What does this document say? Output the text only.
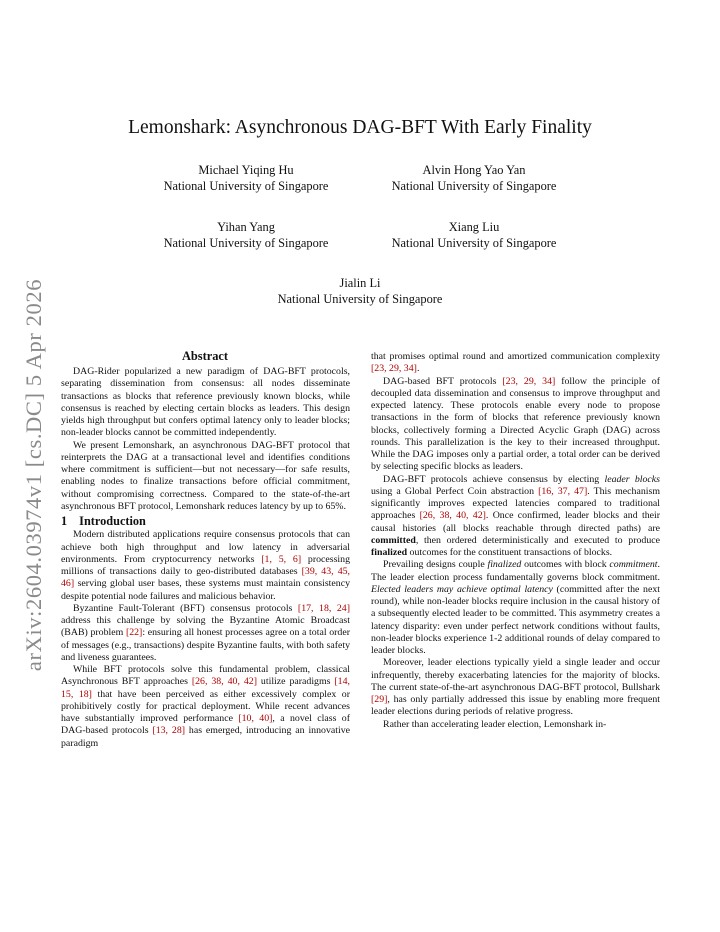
arXiv:2604.03974v1 [cs.DC] 5 Apr 2026
Lemonshark: Asynchronous DAG-BFT With Early Finality
Michael Yiqing Hu
National University of Singapore
Alvin Hong Yao Yan
National University of Singapore
Yihan Yang
National University of Singapore
Xiang Liu
National University of Singapore
Jialin Li
National University of Singapore
Abstract

DAG-Rider popularized a new paradigm of DAG-BFT protocols, separating dissemination from consensus: all nodes disseminate transactions as blocks that reference previously known blocks, while consensus is reached by electing certain blocks as leaders. This design yields high throughput but confers optimal latency only to leader blocks; non-leader blocks cannot be committed independently.

We present Lemonshark, an asynchronous DAG-BFT protocol that reinterprets the DAG at a transactional level and identifies conditions where commitment is sufficient—but not necessary—for safe results, enabling nodes to finalize transactions before official commitment, without compromising correctness. Compared to the state-of-the-art asynchronous BFT protocol, Lemonshark reduces latency by up to 65%.

1 Introduction

Modern distributed applications require consensus protocols that can achieve both high throughput and low latency in adversarial environments. From cryptocurrency networks [1, 5, 6] processing millions of transactions daily to geo-distributed databases [39, 43, 45, 46] serving global user bases, these systems must maintain consistency despite potential node failures and malicious behavior.

Byzantine Fault-Tolerant (BFT) consensus protocols [17, 18, 24] address this challenge by solving the Byzantine Atomic Broadcast (BAB) problem [22]: ensuring all honest processes agree on a total order of messages (e.g., transactions) despite Byzantine faults, with both safety and liveness guarantees.

While BFT protocols solve this fundamental problem, classical Asynchronous BFT approaches [26, 38, 40, 42] utilize paradigms [14, 15, 18] that have been perceived as either excessively complex or prohibitively costly for practical deployment. While recent advances have substantially improved performance [10, 40], a novel class of DAG-based protocols [13, 28] has emerged, introducing an innovative paradigm

that promises optimal round and amortized communication complexity [23, 29, 34].

DAG-based BFT protocols [23, 29, 34] follow the principle of decoupled data dissemination and consensus to improve throughput and expected latency. These protocols enable every node to propose transactions in the form of blocks that reference previously known blocks, collectively forming a Directed Acyclic Graph (DAG) across rounds. This parallelization is the key to their increased throughput. While the DAG imposes only a partial order, a total order can be derived by selecting specific blocks as leaders.

DAG-BFT protocols achieve consensus by electing leader blocks using a Global Perfect Coin abstraction [16, 37, 47]. This mechanism significantly improves expected latencies compared to traditional approaches [26, 38, 40, 42]. Once confirmed, leader blocks and their causal histories (all blocks reachable through directed paths) are committed, then ordered deterministically and executed to produce finalized outcomes for the constituent transactions of blocks.

Prevailing designs couple finalized outcomes with block commitment. The leader election process fundamentally governs block commitment. Elected leaders may achieve optimal latency (committed after the next round), while non-leader blocks require inclusion in the causal history of a subsequently elected leader to be committed. This asymmetry creates a latency disparity: even under perfect network conditions without faults, non-leader blocks experience 1-2 additional rounds of delay compared to leader blocks.

Moreover, leader elections typically yield a single leader and occur infrequently, thereby exacerbating latencies for the majority of blocks. The current state-of-the-art asynchronous DAG-BFT protocol, Bullshark [29], has only partially addressed this issue by enabling more frequent leader elections during periods of relative progress.

Rather than accelerating leader election, Lemonshark in-
